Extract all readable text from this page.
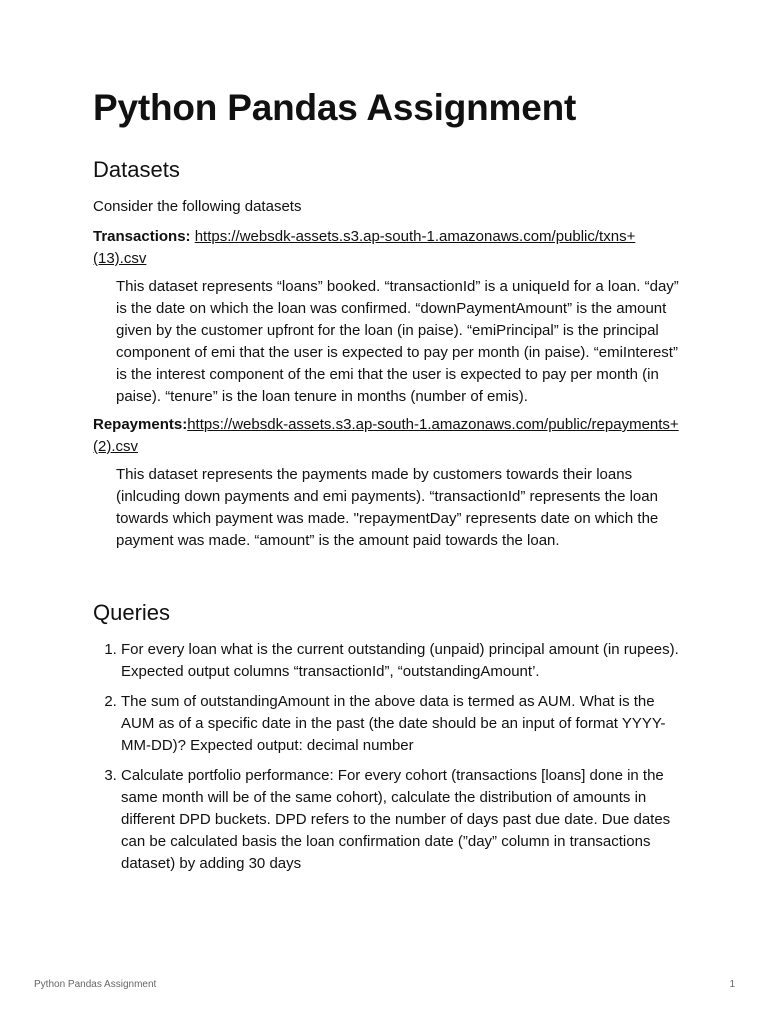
Python Pandas Assignment
Datasets

Consider the following datasets

Transactions: https://websdk-assets.s3.ap-south-1.amazonaws.com/public/txns+(13).csv

This dataset represents “loans” booked. “transactionId” is a uniqueId for a loan. “day” is the date on which the loan was confirmed. “downPaymentAmount” is the amount given by the customer upfront for the loan (in paise). “emiPrincipal” is the principal component of emi that the user is expected to pay per month (in paise). “emiInterest” is the interest component of the emi that the user is expected to pay per month (in paise). “tenure” is the loan tenure in months (number of emis).

Repayments:https://websdk-assets.s3.ap-south-1.amazonaws.com/public/repayments+(2).csv

This dataset represents the payments made by customers towards their loans (inlcuding down payments and emi payments). “transactionId” represents the loan towards which payment was made. "repaymentDay” represents date on which the payment was made. “amount” is the amount paid towards the loan.

Queries
1. For every loan what is the current outstanding (unpaid) principal amount (in rupees). Expected output columns “transactionId”, “outstandingAmount’.
2. The sum of outstandingAmount in the above data is termed as AUM. What is the AUM as of a specific date in the past (the date should be an input of format YYYY-MM-DD)? Expected output: decimal number
3. Calculate portfolio performance: For every cohort (transactions [loans] done in the same month will be of the same cohort), calculate the distribution of amounts in different DPD buckets. DPD refers to the number of days past due date. Due dates can be calculated basis the loan confirmation date (”day” column in transactions dataset) by adding 30 days
Python Pandas Assignment	1
